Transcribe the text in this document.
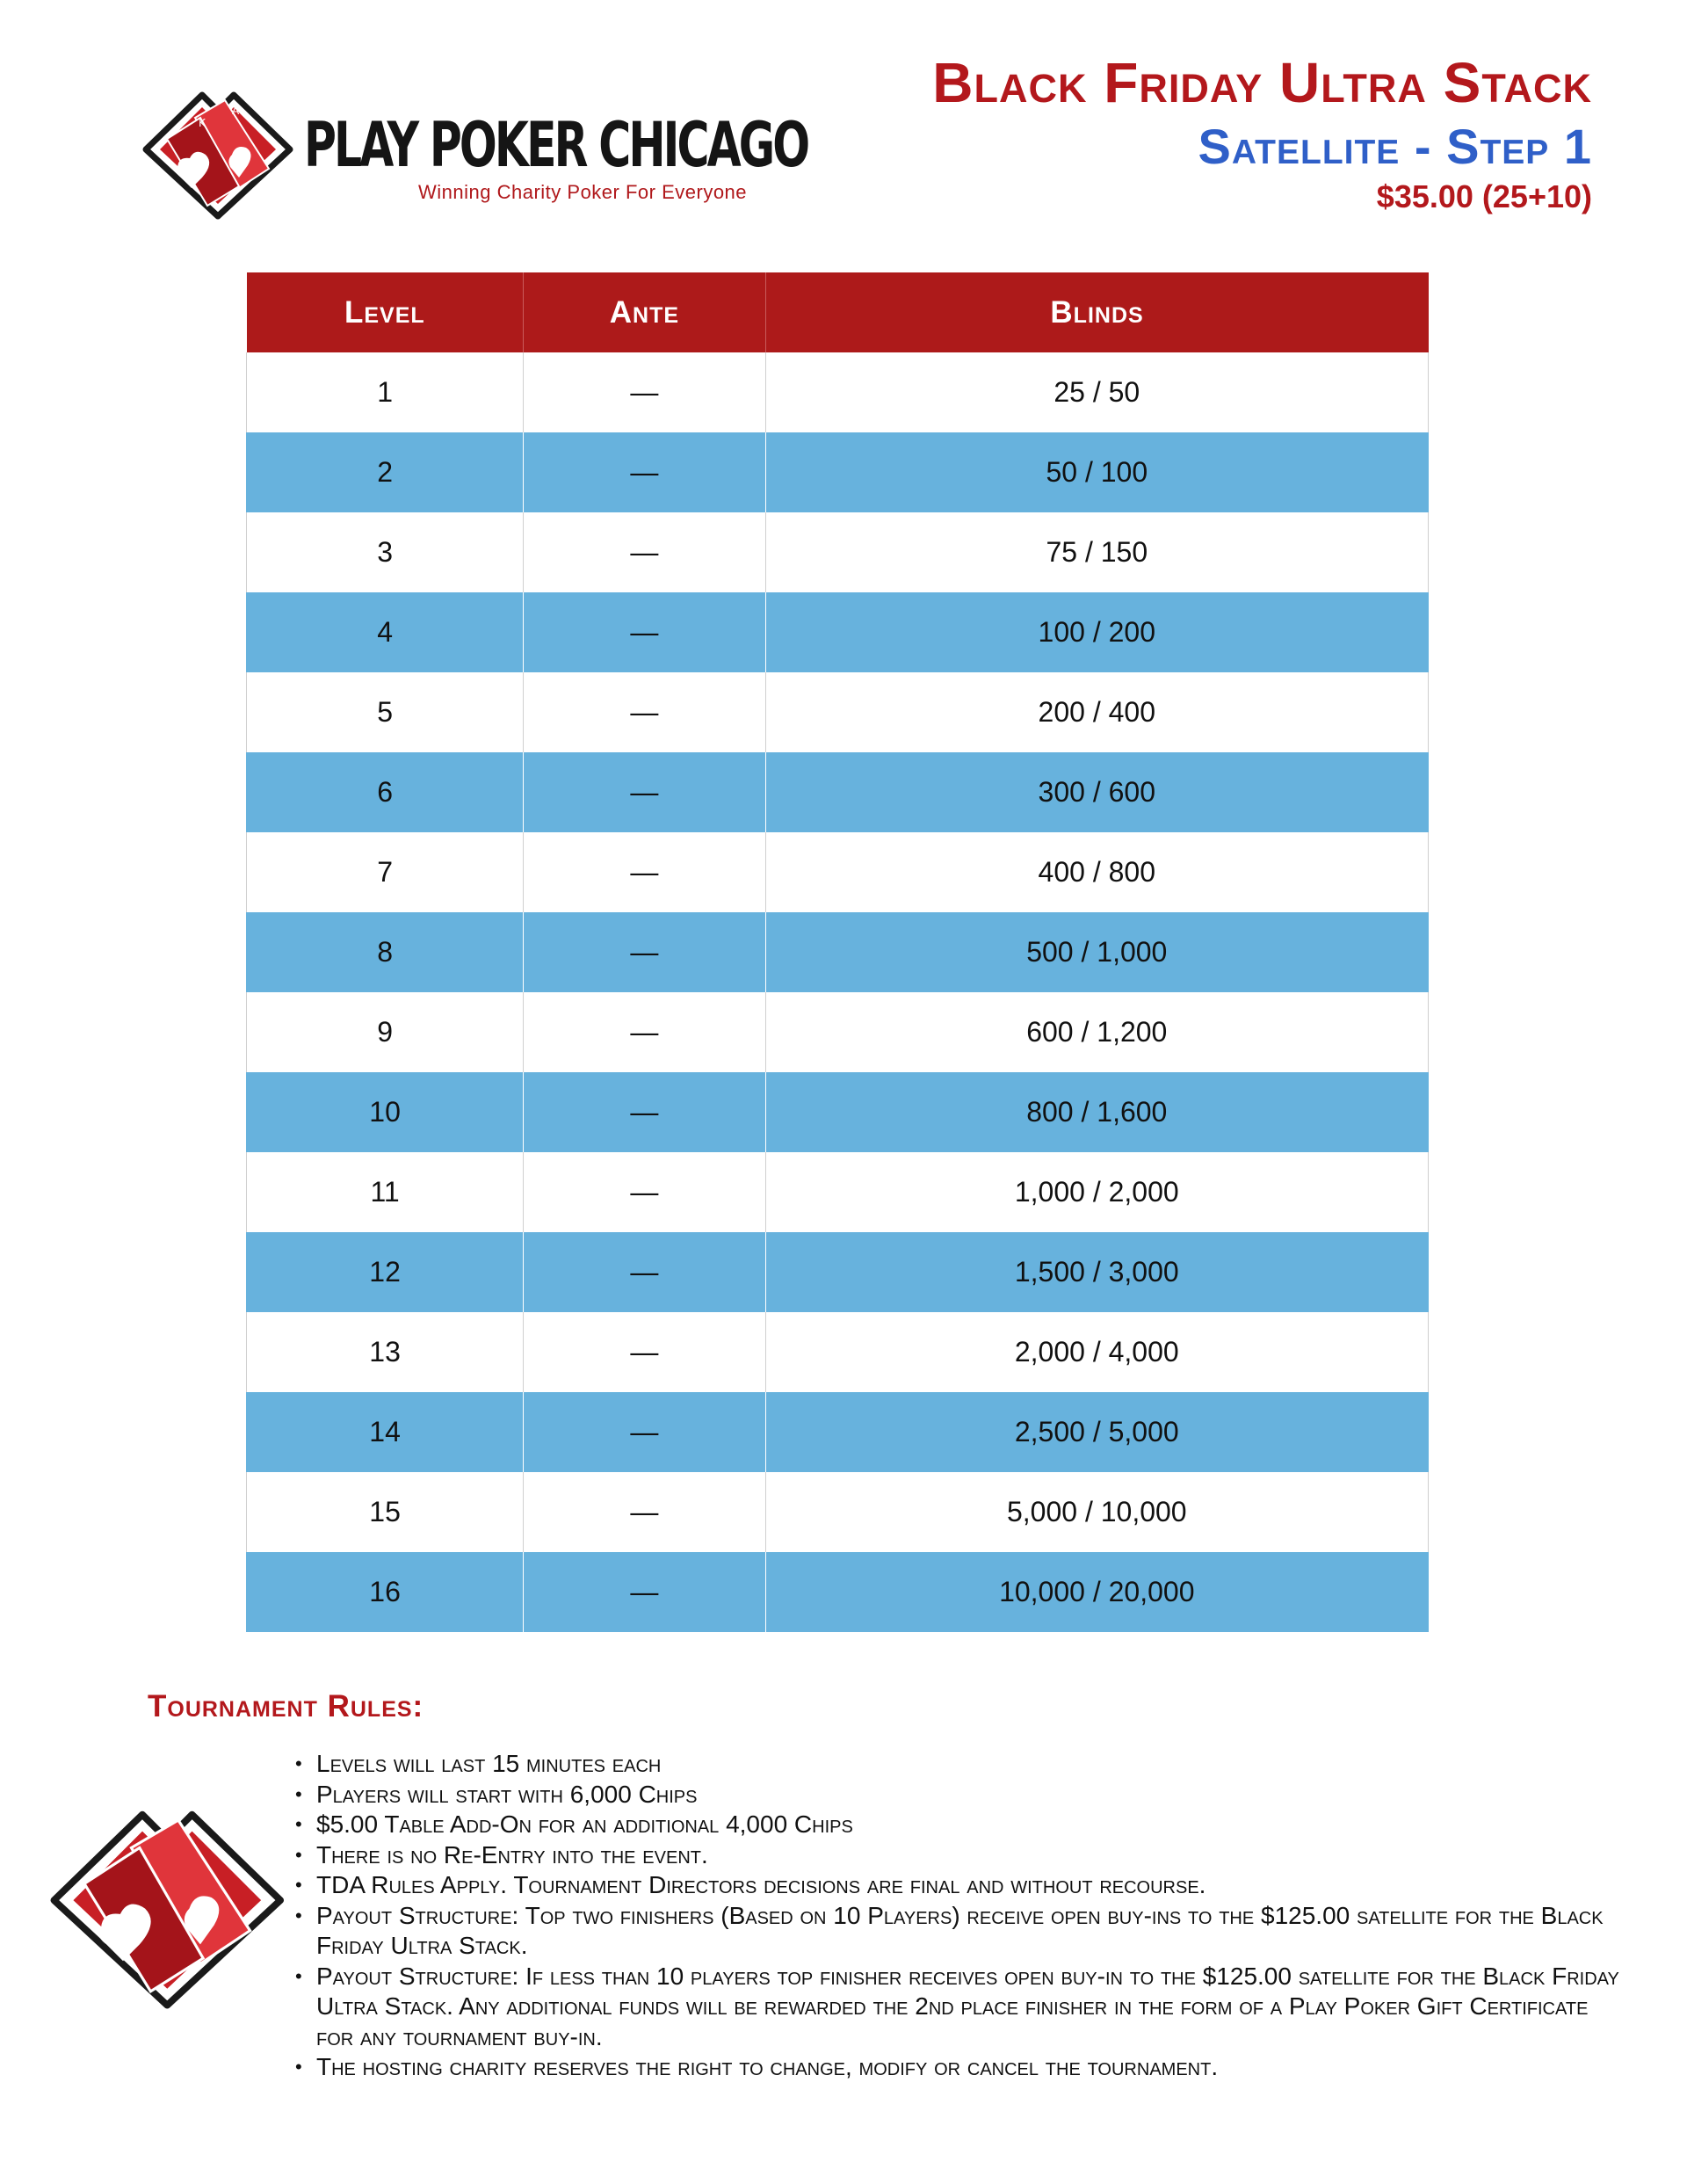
K
A PLAY POKER CHICAGO
Winning Charity Poker For Everyone
Black Friday Ultra Stack
Satellite - Step 1
$35.00 (25+10)
Level	Ante	Blinds
1	—	25 / 50
2	—	50 / 100
3	—	75 / 150
4	—	100 / 200
5	—	200 / 400
6	—	300 / 600
7	—	400 / 800
8	—	500 / 1,000
9	—	600 / 1,200
10	—	800 / 1,600
11	—	1,000 / 2,000
12	—	1,500 / 3,000
13	—	2,000 / 4,000
14	—	2,500 / 5,000
15	—	5,000 / 10,000
16	—	10,000 / 20,000
Tournament Rules:
• Levels will last 15 minutes each
• Players will start with 6,000 Chips
• $5.00 Table Add-On for an additional 4,000 Chips
• There is no Re-Entry into the event.
• TDA Rules Apply. Tournament Directors decisions are final and without recourse.
• Payout Structure: Top two finishers (Based on 10 Players) receive open buy-ins to the $125.00 satellite for the Black Friday Ultra Stack.
• Payout Structure: If less than 10 players top finisher receives open buy-in to the $125.00 satellite for the Black Friday Ultra Stack. Any additional funds will be rewarded the 2nd place finisher in the form of a Play Poker Gift Certificate for any tournament buy-in.
• The hosting charity reserves the right to change, modify or cancel the tournament.
